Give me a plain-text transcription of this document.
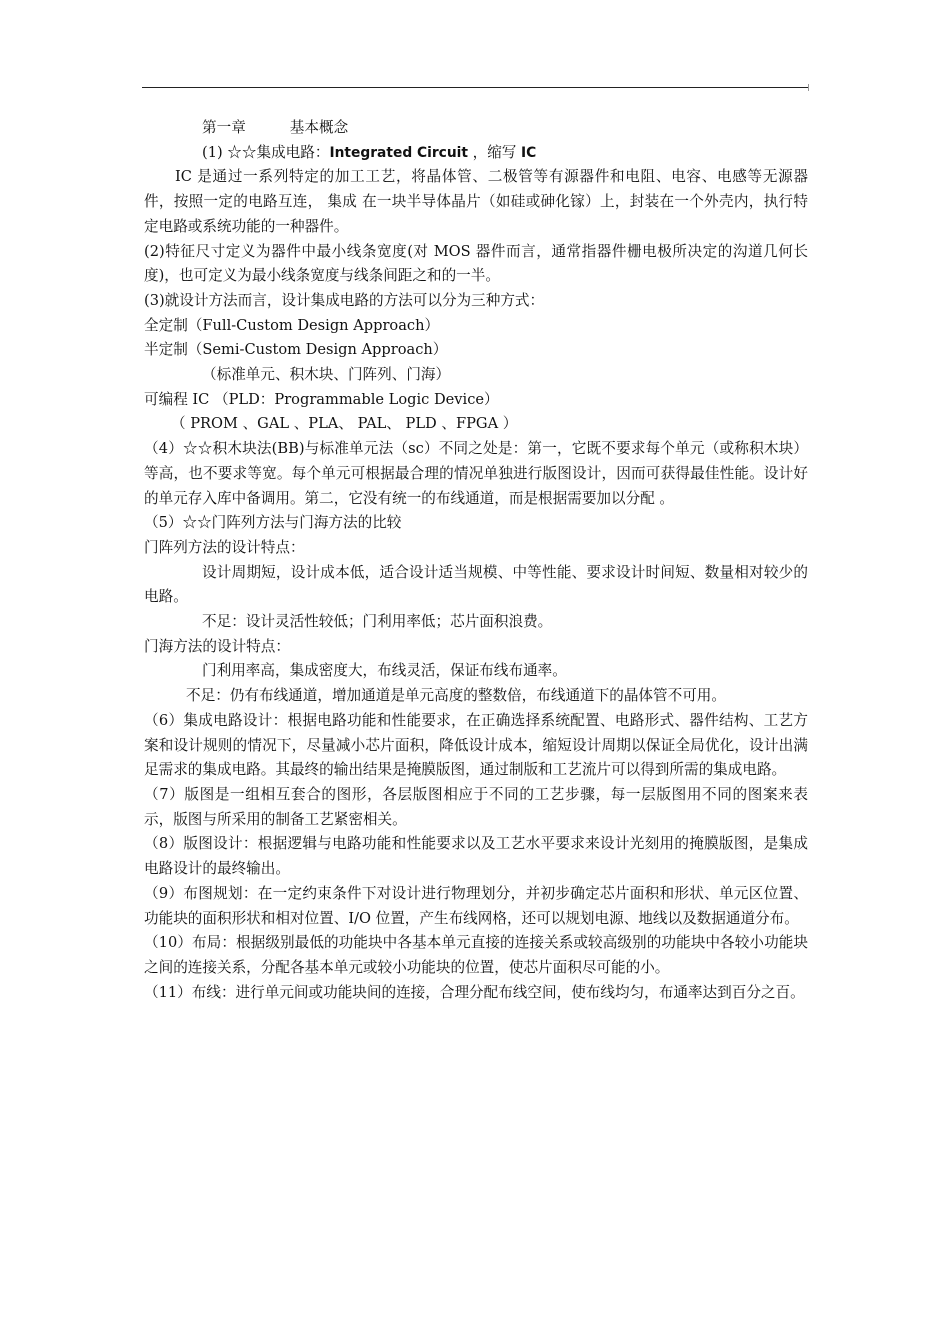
第一章	基本概念

(1) ☆☆集成电路：Integrated Circuit ，缩写 IC

IC 是通过一系列特定的加工工艺，将晶体管、二极管等有源器件和电阻、电容、电感等无源器件，按照一定的电路互连， 集成 在一块半导体晶片（如硅或砷化镓）上，封装在一个外壳内，执行特定电路或系统功能的一种器件。

(2)特征尺寸定义为器件中最小线条宽度(对 MOS 器件而言，通常指器件栅电极所决定的沟道几何长度)，也可定义为最小线条宽度与线条间距之和的一半。

(3)就设计方法而言，设计集成电路的方法可以分为三种方式：

全定制（Full-Custom Design Approach）

半定制（Semi-Custom Design Approach）

（标准单元、积木块、门阵列、门海）

可编程 IC （PLD：Programmable Logic Device）

（ PROM 、GAL 、PLA、 PAL、 PLD 、FPGA ）

（4）☆☆积木块法(BB)与标准单元法（sc）不同之处是：第一，它既不要求每个单元（或称积木块）等高，也不要求等宽。每个单元可根据最合理的情况单独进行版图设计，因而可获得最佳性能。设计好的单元存入库中备调用。第二，它没有统一的布线通道，而是根据需要加以分配 。

（5）☆☆门阵列方法与门海方法的比较

门阵列方法的设计特点：

设计周期短，设计成本低，适合设计适当规模、中等性能、要求设计时间短、数量相对较少的电路。

不足：设计灵活性较低；门利用率低；芯片面积浪费。

门海方法的设计特点：

门利用率高，集成密度大，布线灵活，保证布线布通率。

不足：仍有布线通道，增加通道是单元高度的整数倍，布线通道下的晶体管不可用。

（6）集成电路设计：根据电路功能和性能要求，在正确选择系统配置、电路形式、器件结构、工艺方案和设计规则的情况下，尽量减小芯片面积，降低设计成本，缩短设计周期以保证全局优化，设计出满足需求的集成电路。其最终的输出结果是掩膜版图，通过制版和工艺流片可以得到所需的集成电路。

（7）版图是一组相互套合的图形，各层版图相应于不同的工艺步骤，每一层版图用不同的图案来表示，版图与所采用的制备工艺紧密相关。

（8）版图设计：根据逻辑与电路功能和性能要求以及工艺水平要求来设计光刻用的掩膜版图，是集成电路设计的最终输出。

（9）布图规划：在一定约束条件下对设计进行物理划分，并初步确定芯片面积和形状、单元区位置、功能块的面积形状和相对位置、I/O 位置，产生布线网格，还可以规划电源、地线以及数据通道分布。

（10）布局：根据级别最低的功能块中各基本单元直接的连接关系或较高级别的功能块中各较小功能块之间的连接关系，分配各基本单元或较小功能块的位置，使芯片面积尽可能的小。

（11）布线：进行单元间或功能块间的连接，合理分配布线空间，使布线均匀，布通率达到百分之百。
